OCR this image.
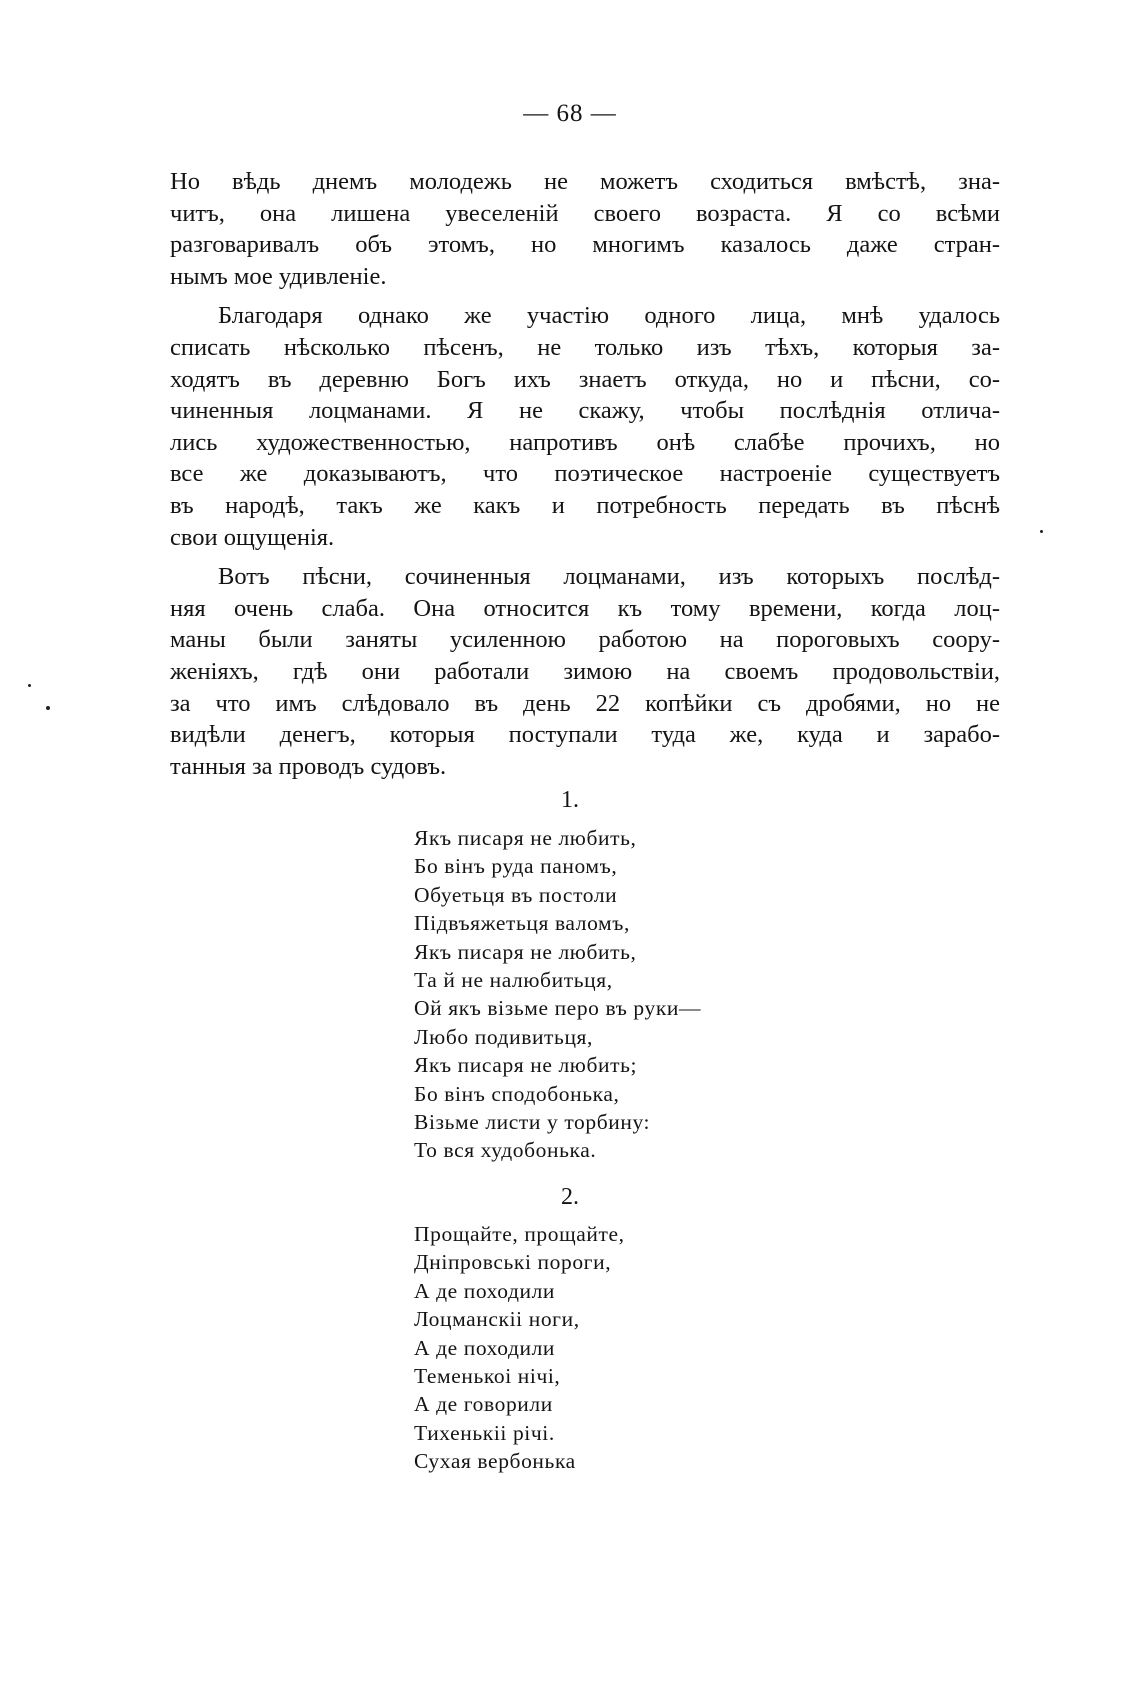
— 68 —
Но вѣдь днемъ молодежь не можетъ сходиться вмѣстѣ, зна-
читъ, она лишена увеселеній своего возраста. Я со всѣми
разговаривалъ объ этомъ, но многимъ казалось даже стран-
нымъ мое удивленіе.
Благодаря однако же участію одного лица, мнѣ удалось
списать нѣсколько пѣсенъ, не только изъ тѣхъ, которыя за-
ходятъ въ деревню Богъ ихъ знаетъ откуда, но и пѣсни, со-
чиненныя лоцманами. Я не скажу, чтобы послѣднія отлича-
лись художественностью, напротивъ онѣ слабѣе прочихъ, но
все же доказываютъ, что поэтическое настроеніе существуетъ
въ народѣ, такъ же какъ и потребность передать въ пѣснѣ
свои ощущенія.
Вотъ пѣсни, сочиненныя лоцманами, изъ которыхъ послѣд-
няя очень слаба. Она относится къ тому времени, когда лоц-
маны были заняты усиленною работою на пороговыхъ соору-
женіяхъ, гдѣ они работали зимою на своемъ продовольствіи,
за что имъ слѣдовало въ день 22 копѣйки съ дробями, но не
видѣли денегъ, которыя поступали туда же, куда и зарабо-
танныя за проводъ судовъ.
1.
Якъ писаря не любить,
Бо вінъ руда паномъ,
Обуетьця въ постоли
Підвъяжетьця валомъ,
Якъ писаря не любить,
Та й не налюбитьця,
Ой якъ візьме перо въ руки—
Любо подивитьця,
Якъ писаря не любить;
Бо вінъ сподобонька,
Візьме листи у торбину:
То вся худобонька.
2.
Прощайте, прощайте,
Дніпровські пороги,
А де походили
Лоцманскіі ноги,
А де походили
Теменькоі нічі,
А де говорили
Тихенькіі річі.
Сухая вербонька
